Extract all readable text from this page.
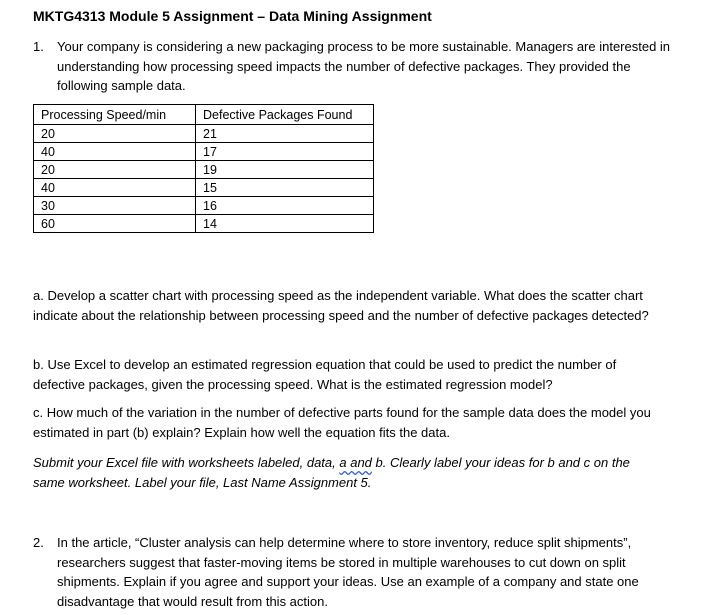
MKTG4313 Module 5 Assignment – Data Mining Assignment
1. Your company is considering a new packaging process to be more sustainable. Managers are interested in understanding how processing speed impacts the number of defective packages. They provided the following sample data.
Processing Speed/min	Defective Packages Found
20	21
40	17
20	19
40	15
30	16
60	14

a. Develop a scatter chart with processing speed as the independent variable. What does the scatter chart indicate about the relationship between processing speed and the number of defective packages detected?

b. Use Excel to develop an estimated regression equation that could be used to predict the number of defective packages, given the processing speed. What is the estimated regression model?

c. How much of the variation in the number of defective parts found for the sample data does the model you estimated in part (b) explain? Explain how well the equation fits the data.

Submit your Excel file with worksheets labeled, data, a and b. Clearly label your ideas for b and c on the same worksheet. Label your file, Last Name Assignment 5.

2. In the article, “Cluster analysis can help determine where to store inventory, reduce split shipments”, researchers suggest that faster-moving items be stored in multiple warehouses to cut down on split shipments. Explain if you agree and support your ideas. Use an example of a company and state one disadvantage that would result from this action.
